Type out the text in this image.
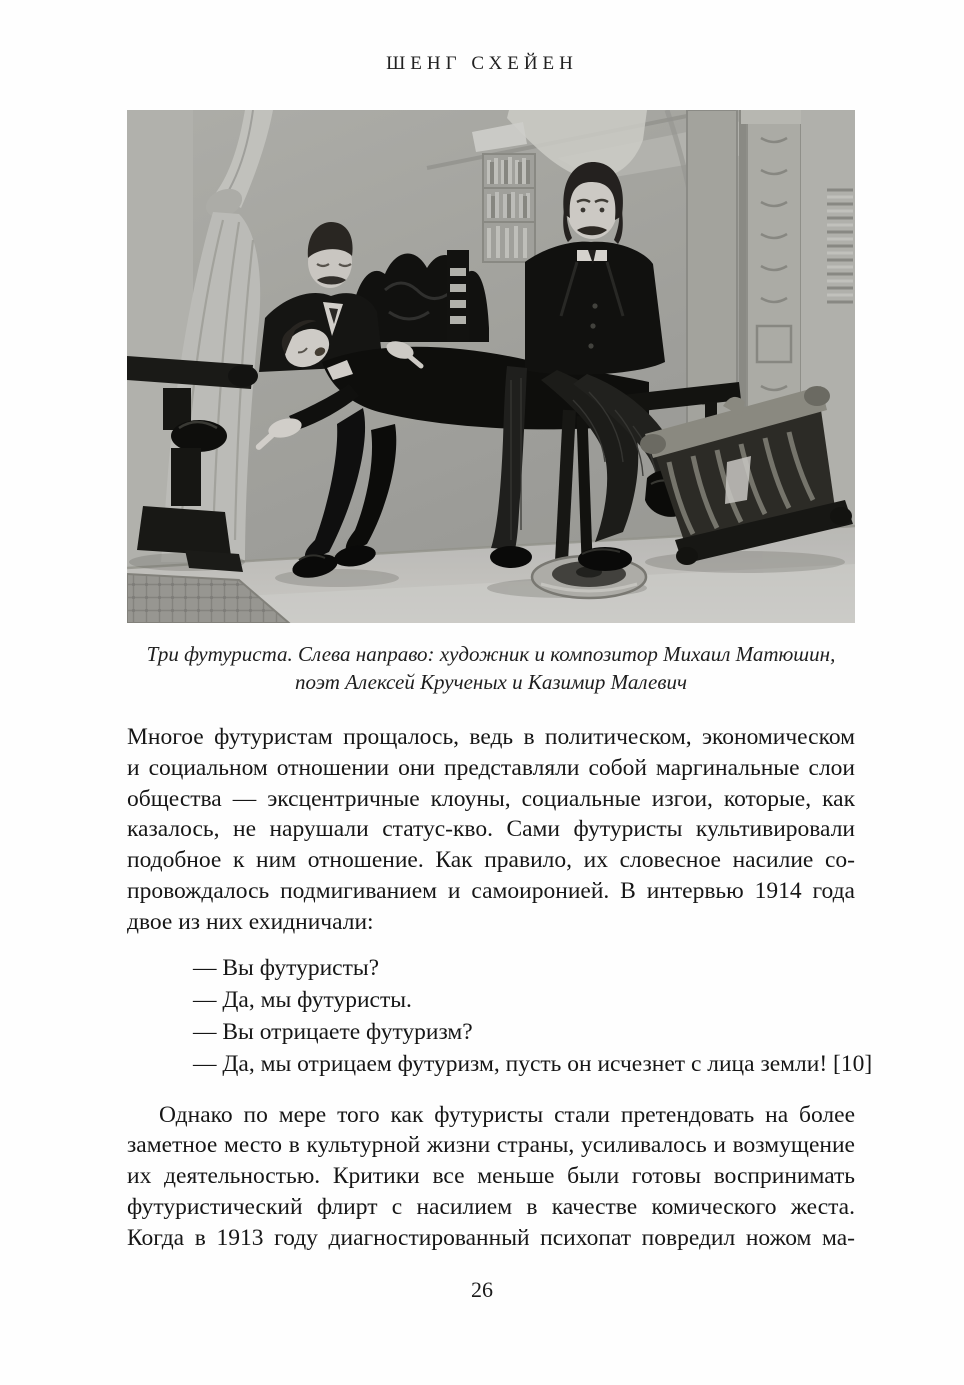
ШЕНГ СХЕЙЕН
Три футуриста. Слева направо: художник и композитор Михаил Матюшин,
поэт Алексей Крученых и Казимир Малевич
Многое футуристам прощалось, ведь в политическом, экономическом
и социальном отношении они представляли собой маргинальные слои
общества — эксцентричные клоуны, социальные изгои, которые, как
казалось, не нарушали статус-кво. Сами футуристы культивировали
подобное к ним отношение. Как правило, их словесное насилие со-
провождалось подмигиванием и самоиронией. В интервью 1914 года
двое из них ехидничали:
— Вы футуристы?
— Да, мы футуристы.
— Вы отрицаете футуризм?
— Да, мы отрицаем футуризм, пусть он исчезнет с лица земли! [10]
Однако по мере того как футуристы стали претендовать на более
заметное место в культурной жизни страны, усиливалось и возмущение
их деятельностью. Критики все меньше были готовы воспринимать
футуристический флирт с насилием в качестве комического жеста.
Когда в 1913 году диагностированный психопат повредил ножом ма-
26
